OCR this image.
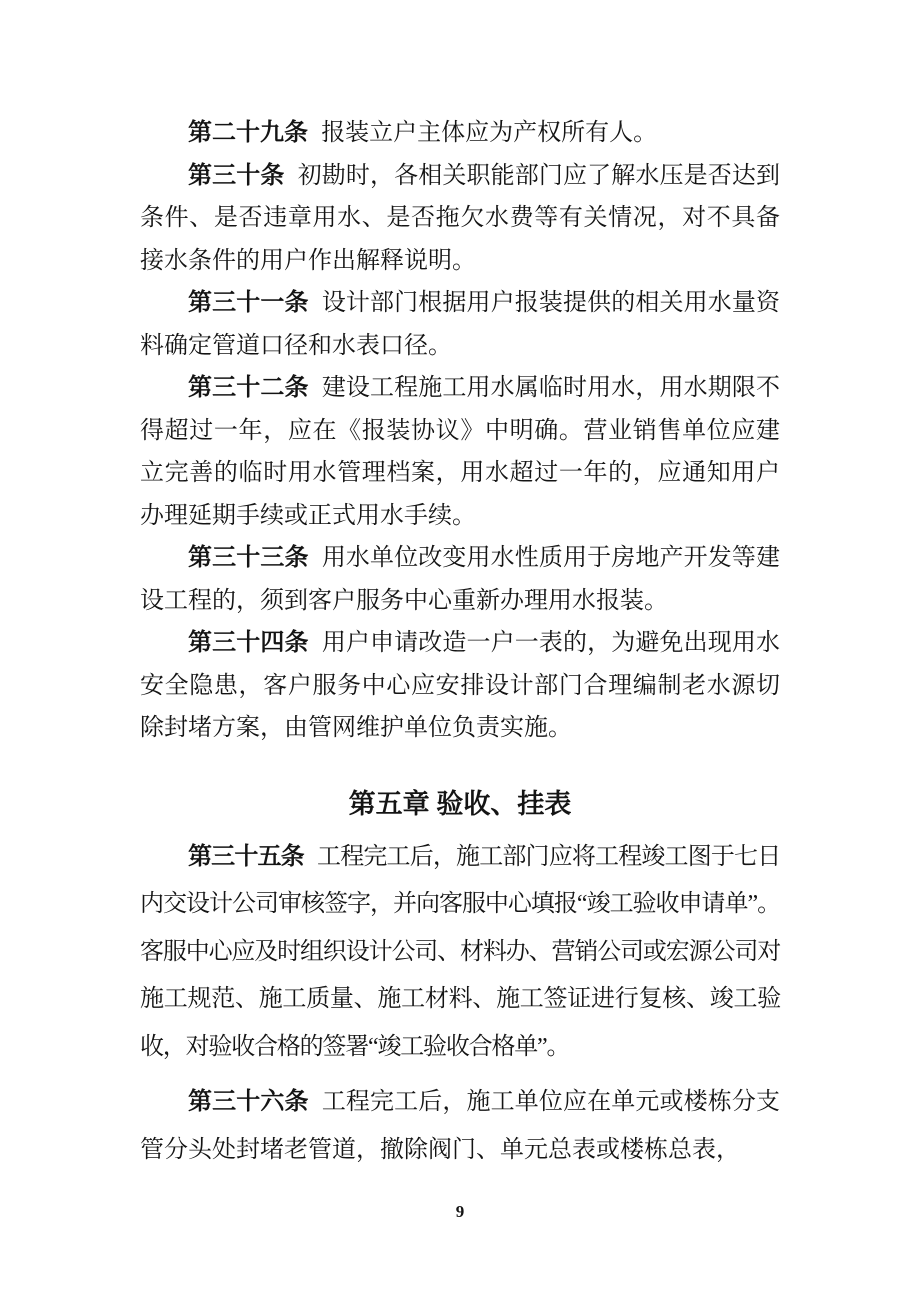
第二十九条 报装立户主体应为产权所有人。

第三十条 初勘时，各相关职能部门应了解水压是否达到条件、是否违章用水、是否拖欠水费等有关情况，对不具备接水条件的用户作出解释说明。

第三十一条 设计部门根据用户报装提供的相关用水量资料确定管道口径和水表口径。

第三十二条 建设工程施工用水属临时用水，用水期限不得超过一年，应在《报装协议》中明确。营业销售单位应建立完善的临时用水管理档案，用水超过一年的，应通知用户办理延期手续或正式用水手续。

第三十三条 用水单位改变用水性质用于房地产开发等建设工程的，须到客户服务中心重新办理用水报装。

第三十四条 用户申请改造一户一表的，为避免出现用水安全隐患，客户服务中心应安排设计部门合理编制老水源切除封堵方案，由管网维护单位负责实施。

第五章 验收、挂表

第三十五条 工程完工后，施工部门应将工程竣工图于七日内交设计公司审核签字，并向客服中心填报“竣工验收申请单”。客服中心应及时组织设计公司、材料办、营销公司或宏源公司对施工规范、施工质量、施工材料、施工签证进行复核、竣工验收，对验收合格的签署“竣工验收合格单”。

第三十六条 工程完工后，施工单位应在单元或楼栋分支管分头处封堵老管道，撤除阀门、单元总表或楼栋总表，

9
